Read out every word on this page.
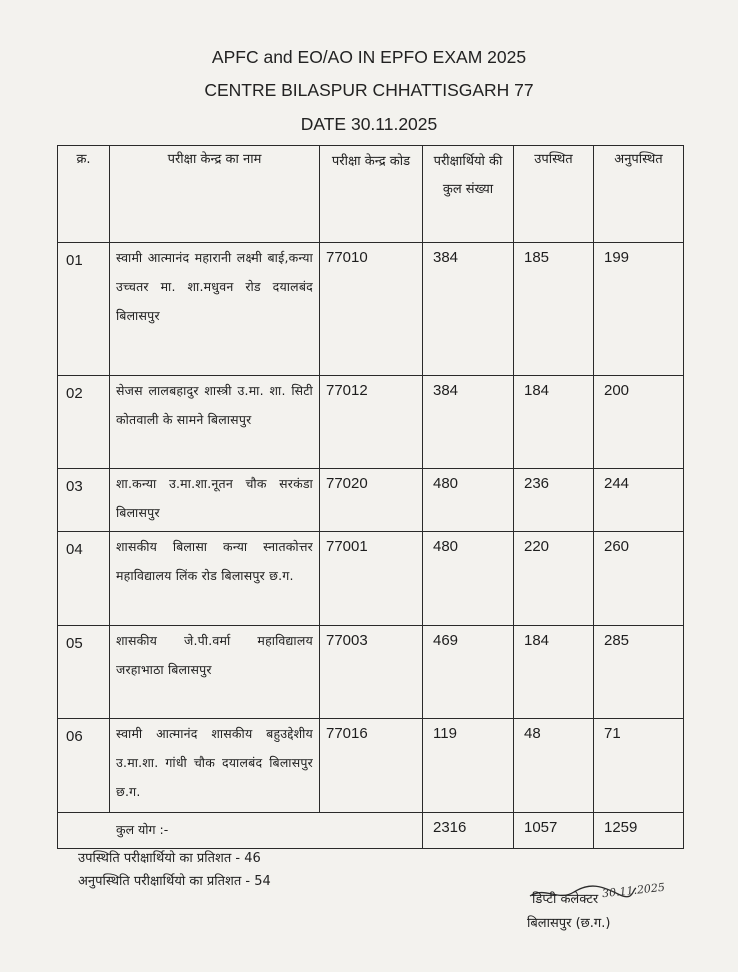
APFC and EO/AO IN EPFO EXAM 2025
CENTRE BILASPUR CHHATTISGARH 77
DATE 30.11.2025
क्र.	परीक्षा केन्द्र का नाम	परीक्षा केन्द्र कोड	परीक्षार्थियो की कुल संख्या	उपस्थित	अनुपस्थित
01	स्वामी आत्मानंद महारानी लक्ष्मी बाई,कन्या उच्चतर मा. शा.मधुवन रोड दयालबंद बिलासपुर	77010	384	185	199
02	सेजस लालबहादुर शास्त्री उ.मा. शा. सिटी कोतवाली के सामने बिलासपुर	77012	384	184	200
03	शा.कन्या उ.मा.शा.नूतन चौक सरकंडा बिलासपुर	77020	480	236	244
04	शासकीय बिलासा कन्या स्नातकोत्तर महाविद्यालय लिंक रोड बिलासपुर छ.ग.	77001	480	220	260
05	शासकीय जे.पी.वर्मा महाविद्यालय जरहाभाठा बिलासपुर	77003	469	184	285
06	स्वामी आत्मानंद शासकीय बहुउद्देशीय उ.मा.शा. गांधी चौक दयालबंद बिलासपुर छ.ग.	77016	119	48	71
कुल योग :-			2316	1057	1259
उपस्थिति परीक्षार्थियो का प्रतिशत - 46
अनुपस्थिति परीक्षार्थियो का प्रतिशत - 54
डिप्टी कलेक्टर 30.11.2025
बिलासपुर (छ.ग.)
